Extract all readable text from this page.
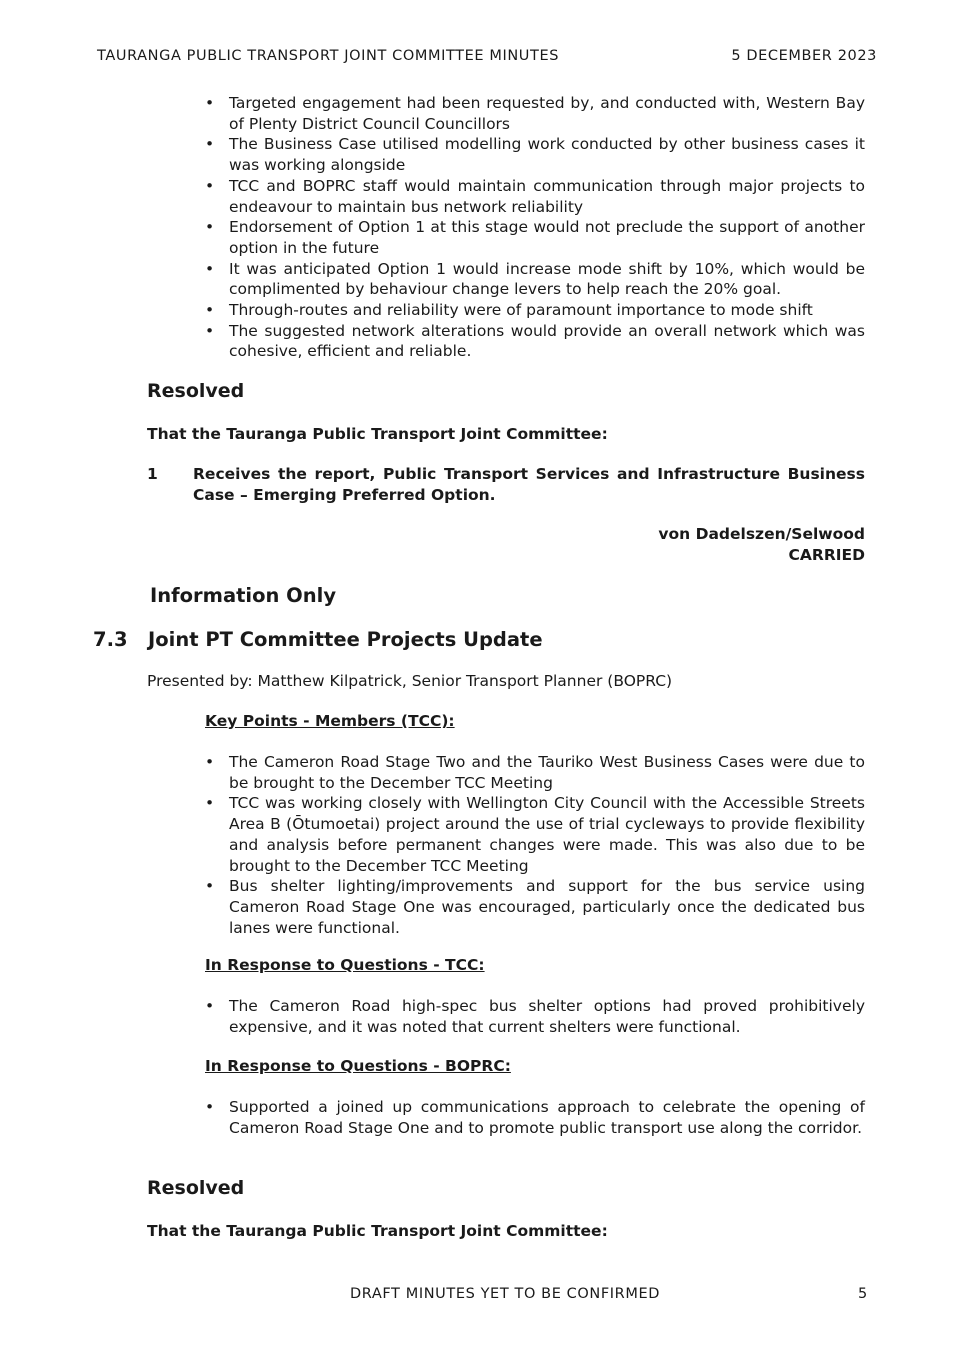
TAURANGA PUBLIC TRANSPORT JOINT COMMITTEE MINUTES	5 DECEMBER 2023
• Targeted engagement had been requested by, and conducted with, Western Bay of Plenty District Council Councillors
• The Business Case utilised modelling work conducted by other business cases it was working alongside
• TCC and BOPRC staff would maintain communication through major projects to endeavour to maintain bus network reliability
• Endorsement of Option 1 at this stage would not preclude the support of another option in the future
• It was anticipated Option 1 would increase mode shift by 10%, which would be complimented by behaviour change levers to help reach the 20% goal.
• Through-routes and reliability were of paramount importance to mode shift
• The suggested network alterations would provide an overall network which was cohesive, efficient and reliable.
Resolved
That the Tauranga Public Transport Joint Committee:
1 Receives the report, Public Transport Services and Infrastructure Business Case – Emerging Preferred Option.
von Dadelszen/Selwood
CARRIED
Information Only
7.3 Joint PT Committee Projects Update
Presented by: Matthew Kilpatrick, Senior Transport Planner (BOPRC)
Key Points - Members (TCC):
• The Cameron Road Stage Two and the Tauriko West Business Cases were due to be brought to the December TCC Meeting
• TCC was working closely with Wellington City Council with the Accessible Streets Area B (Ōtumoetai) project around the use of trial cycleways to provide flexibility and analysis before permanent changes were made. This was also due to be brought to the December TCC Meeting
• Bus shelter lighting/improvements and support for the bus service using Cameron Road Stage One was encouraged, particularly once the dedicated bus lanes were functional.
In Response to Questions - TCC:
• The Cameron Road high-spec bus shelter options had proved prohibitively expensive, and it was noted that current shelters were functional.
In Response to Questions - BOPRC:
• Supported a joined up communications approach to celebrate the opening of Cameron Road Stage One and to promote public transport use along the corridor.
Resolved
That the Tauranga Public Transport Joint Committee:
DRAFT MINUTES YET TO BE CONFIRMED	5
